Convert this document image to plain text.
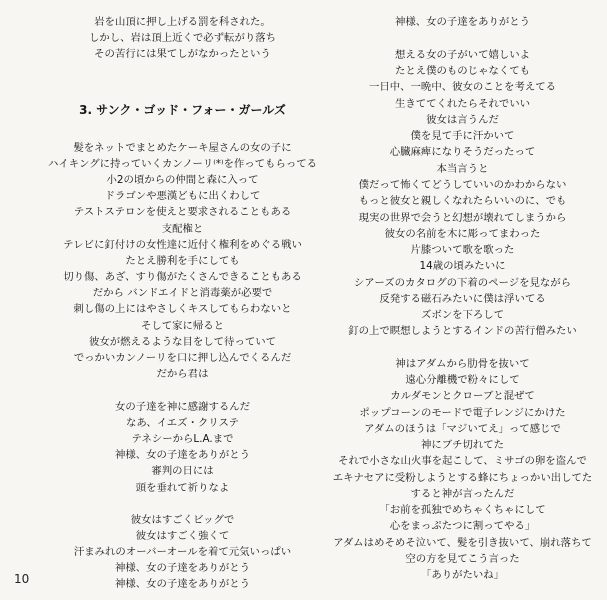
岩を山頂に押し上げる罰を科された。
しかし、岩は頂上近くで必ず転がり落ち
その苦行には果てしがなかったという
3. サンク・ゴッド・フォー・ガールズ
髪をネットでまとめたケーキ屋さんの女の子に
ハイキングに持っていくカンノーリ⁽*⁾を作ってもらってる
小2の頃からの仲間と森に入って
ドラゴンや悪漢どもに出くわして
テストステロンを使えと要求されることもある
支配権と
テレビに釘付けの女性達に近付く権利をめぐる戦い
たとえ勝利を手にしても
切り傷、あざ、すり傷がたくさんできることもある
だから バンドエイドと消毒薬が必要で
刺し傷の上にはやさしくキスしてもらわないと
そして家に帰ると
彼女が燃えるような目をして待っていて
でっかいカンノーリを口に押し込んでくるんだ
だから君は
女の子達を神に感謝するんだ
なあ、イエズ・クリステ
テネシーからL.A.まで
神様、女の子達をありがとう
審判の日には
頭を垂れて祈りなよ
彼女はすごくビッグで
彼女はすごく強くて
汗まみれのオーバーオールを着て元気いっぱい
神様、女の子達をありがとう
神様、女の子達をありがとう
神様、女の子達をありがとう
想える女の子がいて嬉しいよ
たとえ僕のものじゃなくても
一日中、一晩中、彼女のことを考えてる
生きててくれたらそれでいい
彼女は言うんだ
僕を見て手に汗かいて
心臓麻痺になりそうだったって
本当言うと
僕だって怖くてどうしていいのかわからない
もっと彼女と親しくなれたらいいのに、でも
現実の世界で会うと幻想が壊れてしまうから
彼女の名前を木に彫ってまわった
片膝ついて歌を歌った
14歳の頃みたいに
シアーズのカタログの下着のページを見ながら
反発する磁石みたいに僕は浮いてる
ズボンを下ろして
釘の上で瞑想しようとするインドの苦行僧みたい
神はアダムから肋骨を抜いて
遠心分離機で粉々にして
カルダモンとクローブと混ぜて
ポップコーンのモードで電子レンジにかけた
アダムのほうは「マジいてえ」って感じで
神にブチ切れてた
それで小さな山火事を起こして、ミサゴの卵を盗んで
エキナセアに受粉しようとする蜂にちょっかい出してた
すると神が言ったんだ
「お前を孤独でめちゃくちゃにして
心をまっぷたつに割ってやる」
アダムはめそめそ泣いて、髪を引き抜いて、崩れ落ちて
空の方を見てこう言った
「ありがたいね」
10
